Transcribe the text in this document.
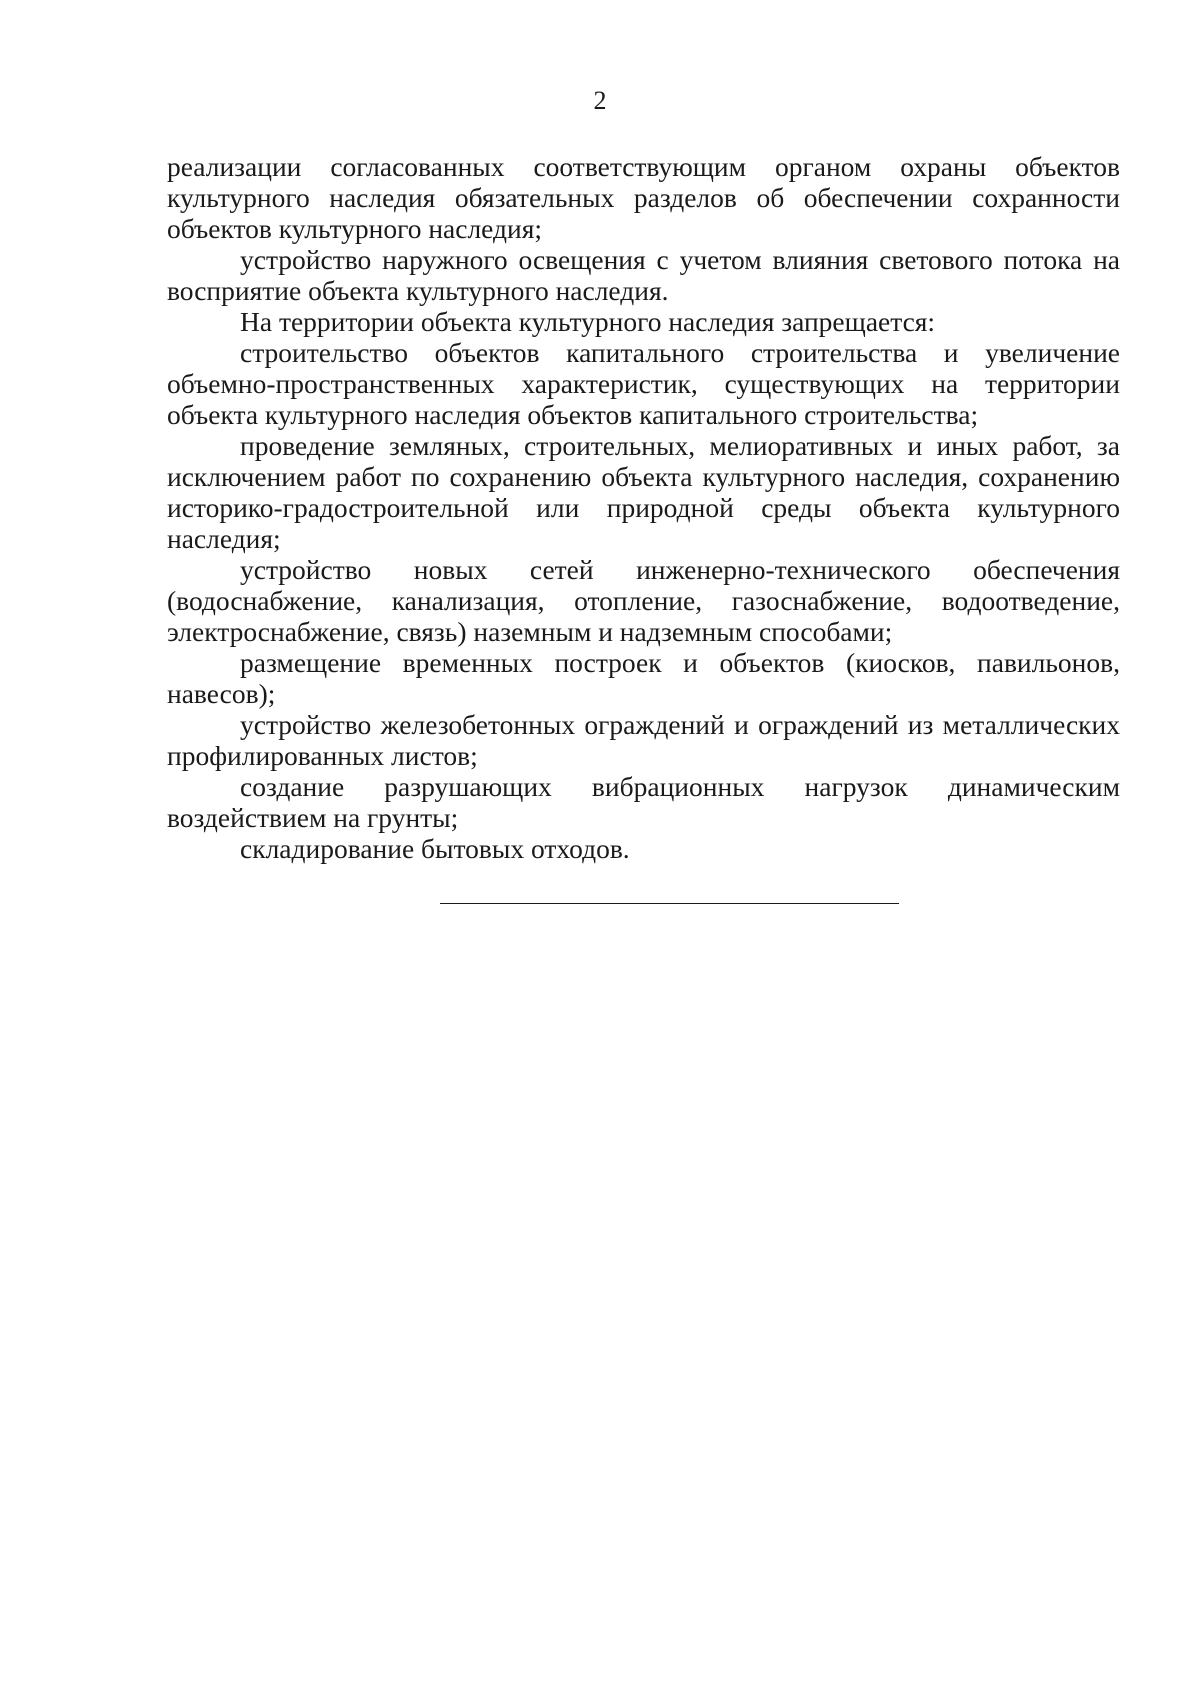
2

реализации согласованных соответствующим органом охраны объектов культурного наследия обязательных разделов об обеспечении сохранности объектов культурного наследия;

устройство наружного освещения с учетом влияния светового потока на восприятие объекта культурного наследия.

На территории объекта культурного наследия запрещается:

строительство объектов капитального строительства и увеличение объемно-пространственных характеристик, существующих на территории объекта культурного наследия объектов капитального строительства;

проведение земляных, строительных, мелиоративных и иных работ, за исключением работ по сохранению объекта культурного наследия, сохранению историко-градостроительной или природной среды объекта культурного наследия;

устройство новых сетей инженерно-технического обеспечения (водоснабжение, канализация, отопление, газоснабжение, водоотведение, электроснабжение, связь) наземным и надземным способами;

размещение временных построек и объектов (киосков, павильонов, навесов);

устройство железобетонных ограждений и ограждений из металлических профилированных листов;

создание разрушающих вибрационных нагрузок динамическим воздействием на грунты;

складирование бытовых отходов.
